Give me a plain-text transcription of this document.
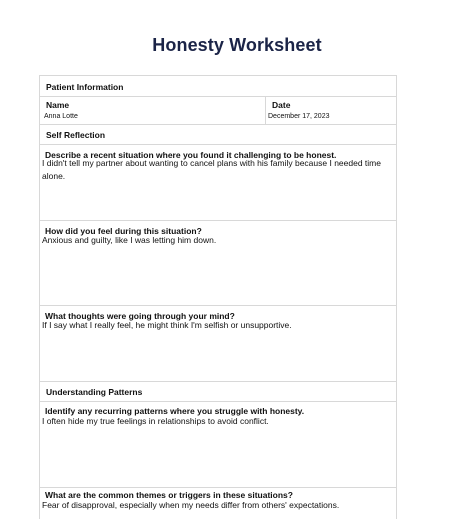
Honesty Worksheet
Patient Information
Name
Anna Lotte
Date
December 17, 2023
Self Reflection
Describe a recent situation where you found it challenging to be honest.
I didn't tell my partner about wanting to cancel plans with his family because I needed time alone.
How did you feel during this situation?
Anxious and guilty, like I was letting him down.
What thoughts were going through your mind?
If I say what I really feel, he might think I'm selfish or unsupportive.
Understanding Patterns
Identify any recurring patterns where you struggle with honesty.
I often hide my true feelings in relationships to avoid conflict.
What are the common themes or triggers in these situations?
Fear of disapproval, especially when my needs differ from others' expectations.
